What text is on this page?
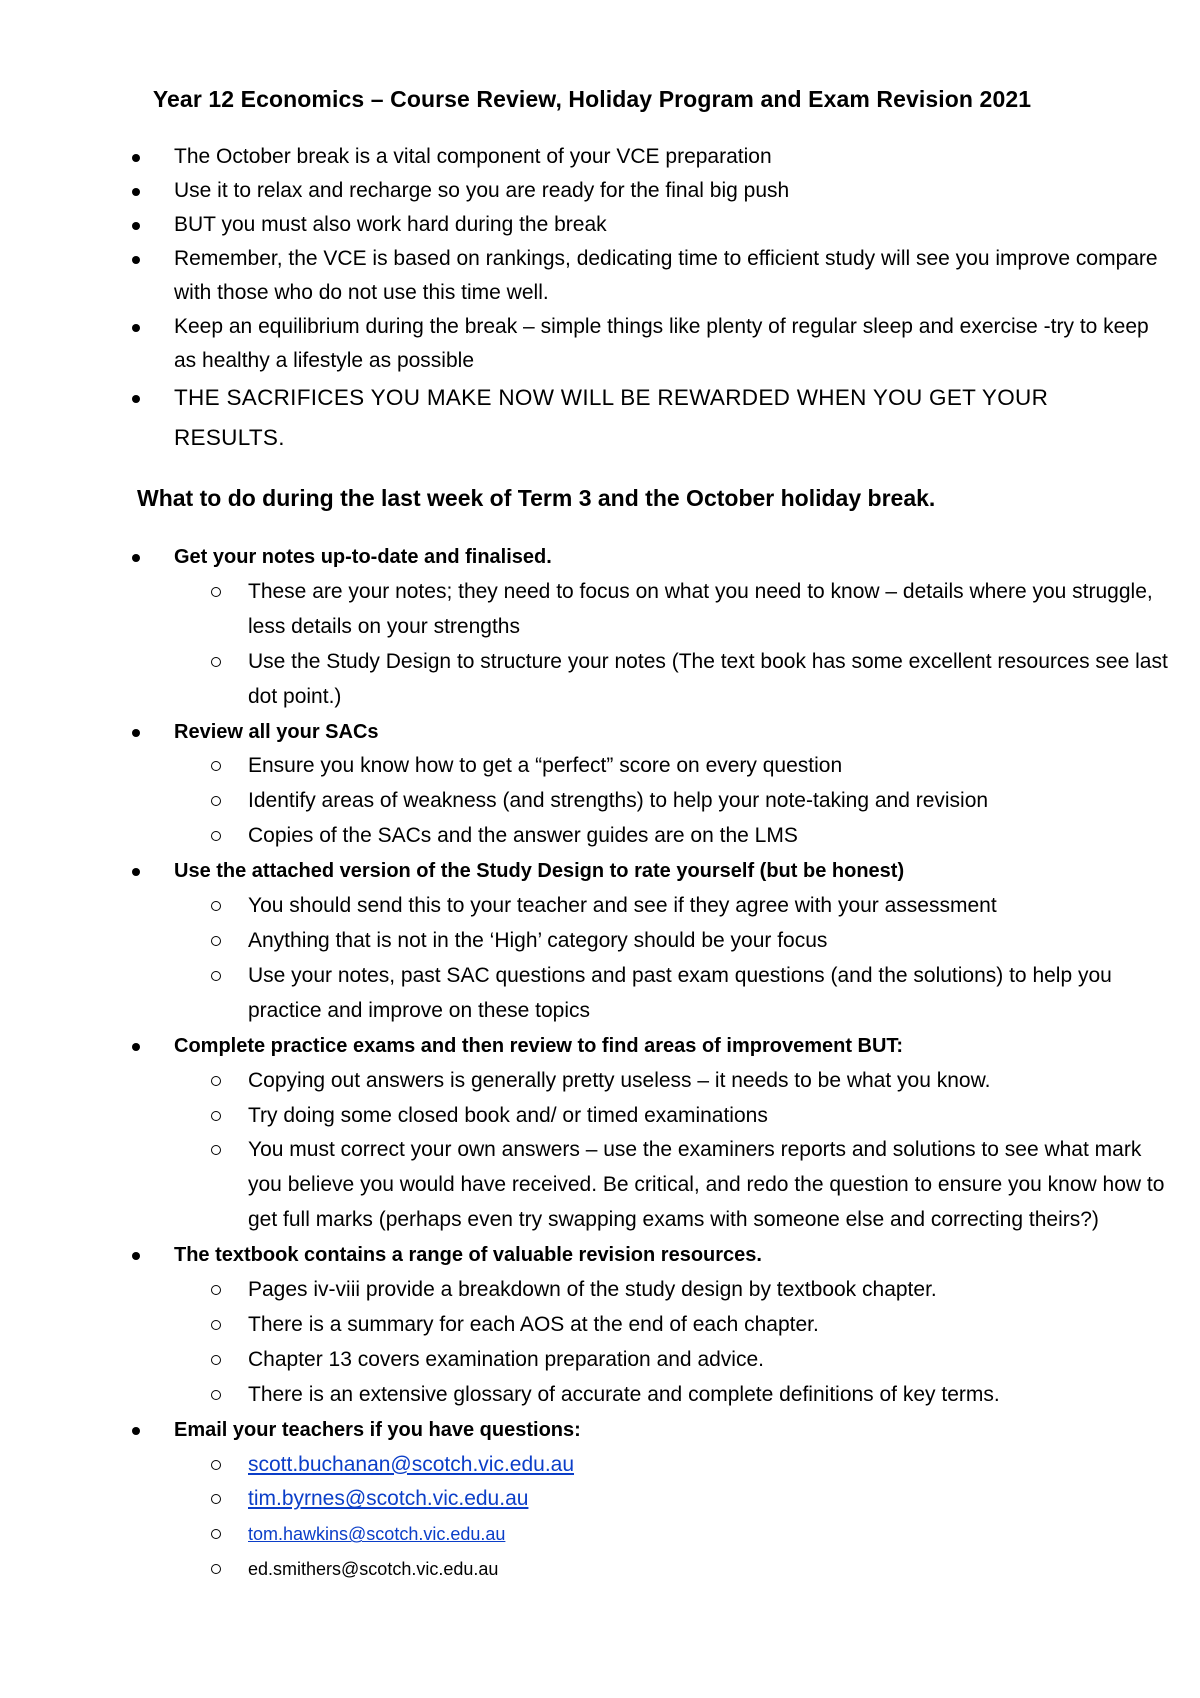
Year 12 Economics – Course Review, Holiday Program and Exam Revision 2021
The October break is a vital component of your VCE preparation
Use it to relax and recharge so you are ready for the final big push
BUT you must also work hard during the break
Remember, the VCE is based on rankings, dedicating time to efficient study will see you improve compare with those who do not use this time well.
Keep an equilibrium during the break – simple things like plenty of regular sleep and exercise -try to keep as healthy a lifestyle as possible
THE SACRIFICES YOU MAKE NOW WILL BE REWARDED WHEN YOU GET YOUR RESULTS.
What to do during the last week of Term 3 and the October holiday break.
Get your notes up-to-date and finalised.
These are your notes; they need to focus on what you need to know – details where you struggle, less details on your strengths
Use the Study Design to structure your notes (The text book has some excellent resources see last dot point.)
Review all your SACs
Ensure you know how to get a “perfect” score on every question
Identify areas of weakness (and strengths) to help your note-taking and revision
Copies of the SACs and the answer guides are on the LMS
Use the attached version of the Study Design to rate yourself (but be honest)
You should send this to your teacher and see if they agree with your assessment
Anything that is not in the ‘High’ category should be your focus
Use your notes, past SAC questions and past exam questions (and the solutions) to help you practice and improve on these topics
Complete practice exams and then review to find areas of improvement BUT:
Copying out answers is generally pretty useless – it needs to be what you know.
Try doing some closed book and/ or timed examinations
You must correct your own answers – use the examiners reports and solutions to see what mark you believe you would have received. Be critical, and redo the question to ensure you know how to get full marks (perhaps even try swapping exams with someone else and correcting theirs?)
The textbook contains a range of valuable revision resources.
Pages iv-viii provide a breakdown of the study design by textbook chapter.
There is a summary for each AOS at the end of each chapter.
Chapter 13 covers examination preparation and advice.
There is an extensive glossary of accurate and complete definitions of key terms.
Email your teachers if you have questions:
scott.buchanan@scotch.vic.edu.au
tim.byrnes@scotch.vic.edu.au
tom.hawkins@scotch.vic.edu.au
ed.smithers@scotch.vic.edu.au
